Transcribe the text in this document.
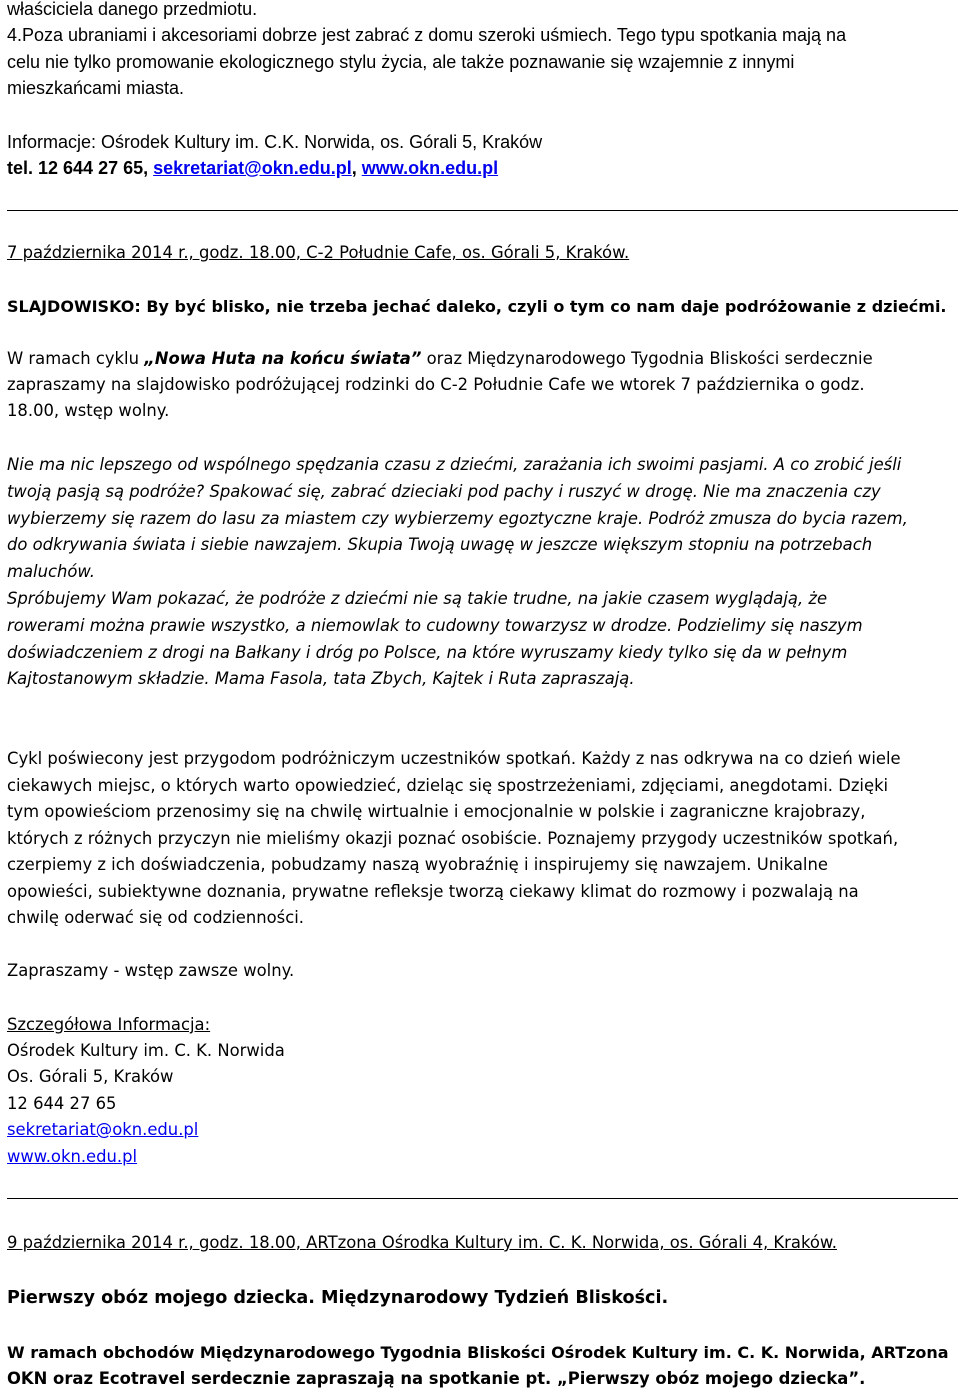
właściciela danego przedmiotu.

4.Poza ubraniami i akcesoriami dobrze jest zabrać z domu szeroki uśmiech. Tego typu spotkania mają na

celu nie tylko promowanie ekologicznego stylu życia, ale także poznawanie się wzajemnie z innymi

mieszkańcami miasta.

Informacje: Ośrodek Kultury im. C.K. Norwida, os. Górali 5, Kraków

tel. 12 644 27 65, sekretariat@okn.edu.pl, www.okn.edu.pl

7 października 2014 r., godz. 18.00, C-2 Południe Cafe, os. Górali 5, Kraków.

SLAJDOWISKO: By być blisko, nie trzeba jechać daleko, czyli o tym co nam daje podróżowanie z dziećmi.

W ramach cyklu „Nowa Huta na końcu świata” oraz Międzynarodowego Tygodnia Bliskości serdecznie

zapraszamy na slajdowisko podróżującej rodzinki do C-2 Południe Cafe we wtorek 7 października o godz.

18.00, wstęp wolny.

Nie ma nic lepszego od wspólnego spędzania czasu z dziećmi, zarażania ich swoimi pasjami. A co zrobić jeśli

twoją pasją są podróże? Spakować się, zabrać dzieciaki pod pachy i ruszyć w drogę. Nie ma znaczenia czy

wybierzemy się razem do lasu za miastem czy wybierzemy egoztyczne kraje. Podróż zmusza do bycia razem,

do odkrywania świata i siebie nawzajem. Skupia Twoją uwagę w jeszcze większym stopniu na potrzebach

maluchów.

Spróbujemy Wam pokazać, że podróże z dziećmi nie są takie trudne, na jakie czasem wyglądają, że

rowerami można prawie wszystko, a niemowlak to cudowny towarzysz w drodze. Podzielimy się naszym

doświadczeniem z drogi na Bałkany i dróg po Polsce, na które wyruszamy kiedy tylko się da w pełnym

Kajtostanowym składzie. Mama Fasola, tata Zbych, Kajtek i Ruta zapraszają.

Cykl poświecony jest przygodom podróżniczym uczestników spotkań. Każdy z nas odkrywa na co dzień wiele

ciekawych miejsc, o których warto opowiedzieć, dzieląc się spostrzeżeniami, zdjęciami, anegdotami. Dzięki

tym opowieściom przenosimy się na chwilę wirtualnie i emocjonalnie w polskie i zagraniczne krajobrazy,

których z różnych przyczyn nie mieliśmy okazji poznać osobiście. Poznajemy przygody uczestników spotkań,

czerpiemy z ich doświadczenia, pobudzamy naszą wyobraźnię i inspirujemy się nawzajem. Unikalne

opowieści, subiektywne doznania, prywatne refleksje tworzą ciekawy klimat do rozmowy i pozwalają na

chwilę oderwać się od codzienności.

Zapraszamy - wstęp zawsze wolny.

Szczegółowa Informacja:

Ośrodek Kultury im. C. K. Norwida

Os. Górali 5, Kraków

12 644 27 65

sekretariat@okn.edu.pl

www.okn.edu.pl

9 października 2014 r., godz. 18.00, ARTzona Ośrodka Kultury im. C. K. Norwida, os. Górali 4, Kraków.

Pierwszy obóz mojego dziecka. Międzynarodowy Tydzień Bliskości.

W ramach obchodów Międzynarodowego Tygodnia Bliskości Ośrodek Kultury im. C. K. Norwida, ARTzona

OKN oraz Ecotravel serdecznie zapraszają na spotkanie pt. „Pierwszy obóz mojego dziecka”.
